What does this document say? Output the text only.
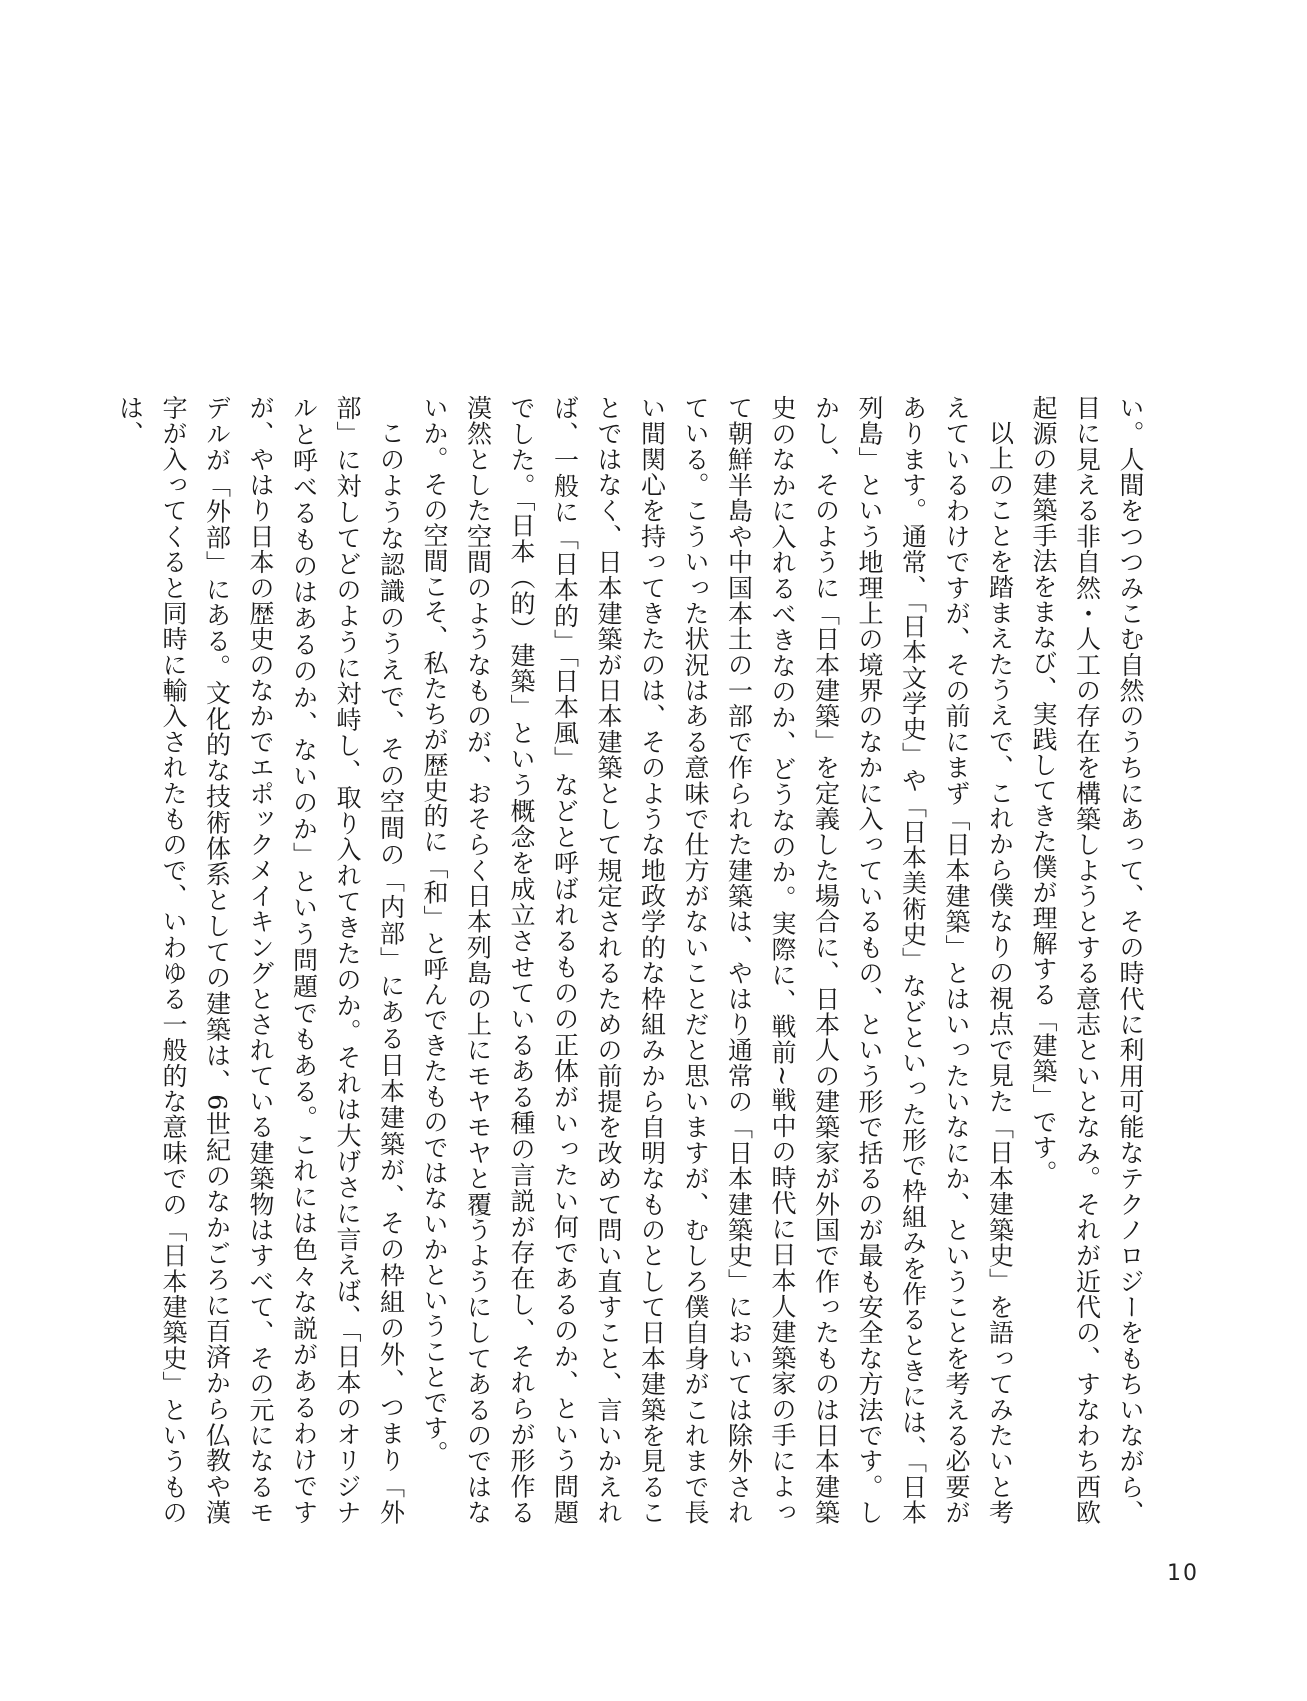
い。人間をつつみこむ自然のうちにあって、その時代に利用可能なテクノロジーをもちいながら、目に見える非自然・人工の存在を構築しようとする意志といとなみ。それが近代の、すなわち西欧起源の建築手法をまなび、実践してきた僕が理解する「建築」です。

以上のことを踏まえたうえで、これから僕なりの視点で見た「日本建築史」を語ってみたいと考えているわけですが、その前にまず「日本建築」とはいったいなにか、ということを考える必要があります。通常、「日本文学史」や「日本美術史」などといった形で枠組みを作るときには、「日本列島」という地理上の境界のなかに入っているもの、という形で括るのが最も安全な方法です。しかし、そのように「日本建築」を定義した場合に、日本人の建築家が外国で作ったものは日本建築史のなかに入れるべきなのか、どうなのか。実際に、戦前~戦中の時代に日本人建築家の手によって朝鮮半島や中国本土の一部で作られた建築は、やはり通常の「日本建築史」においては除外されている。こういった状況はある意味で仕方がないことだと思いますが、むしろ僕自身がこれまで長い間関心を持ってきたのは、そのような地政学的な枠組みから自明なものとして日本建築を見ることではなく、日本建築が日本建築として規定されるための前提を改めて問い直すこと、言いかえれば、一般に「日本的」「日本風」などと呼ばれるものの正体がいったい何であるのか、という問題でした。「日本（的）建築」という概念を成立させているある種の言説が存在し、それらが形作る漠然とした空間のようなものが、おそらく日本列島の上にモヤモヤと覆うようにしてあるのではないか。その空間こそ、私たちが歴史的に「和」と呼んできたものではないかということです。

このような認識のうえで、その空間の「内部」にある日本建築が、その枠組の外、つまり「外部」に対してどのように対峙し、取り入れてきたのか。それは大げさに言えば、「日本のオリジナルと呼べるものはあるのか、ないのか」という問題でもある。これには色々な説があるわけですが、やはり日本の歴史のなかでエポックメイキングとされている建築物はすべて、その元になるモデルが「外部」にある。文化的な技術体系としての建築は、6世紀のなかごろに百済から仏教や漢字が入ってくると同時に輸入されたもので、いわゆる一般的な意味での「日本建築史」というものは、

10
